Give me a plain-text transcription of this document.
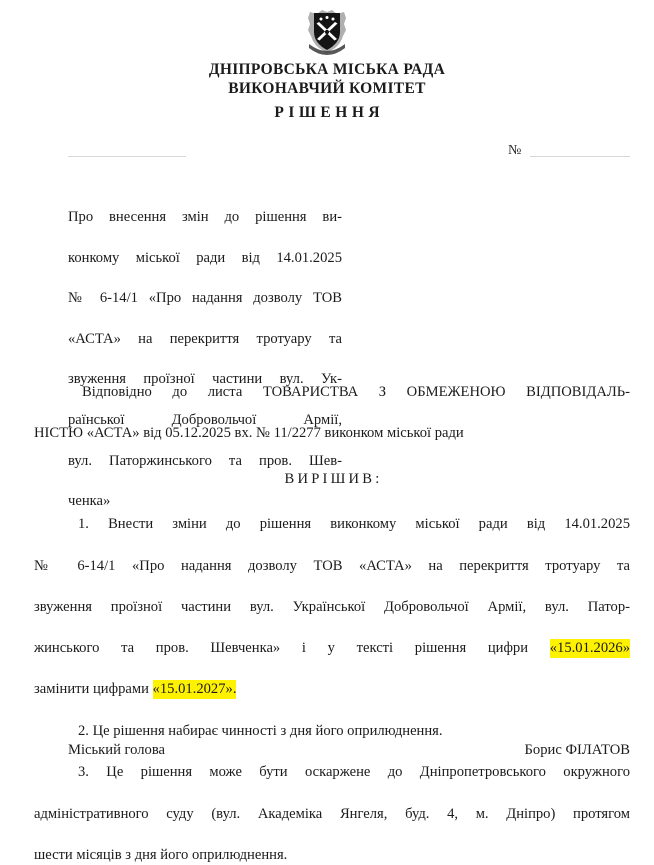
ДНІПРОВСЬКА МІСЬКА РАДА
ВИКОНАВЧИЙ КОМІТЕТ
РІШЕННЯ
№
Про внесення змін до рішення ви-
конкому міської ради від 14.01.2025
№ 6-14/1 «Про надання дозволу ТОВ
«АСТА» на перекриття тротуару та
звуження проїзної частини вул. Ук-
раїнської Добровольчої Армії,
вул. Паторжинського та пров. Шев-
ченка»

Відповідно до листа ТОВАРИСТВА З ОБМЕЖЕНОЮ ВІДПОВІДАЛЬ-
НІСТЮ «АСТА» від 05.12.2025 вх. № 11/2277 виконком міської ради

ВИРІШИВ:

1. Внести зміни до рішення виконкому міської ради від 14.01.2025
№ 6-14/1 «Про надання дозволу ТОВ «АСТА» на перекриття тротуару та
звуження проїзної частини вул. Української Добровольчої Армії, вул. Патор-
жинського та пров. Шевченка» і у тексті рішення цифри «15.01.2026»
замінити цифрами «15.01.2027».

2. Це рішення набирає чинності з дня його оприлюднення.

3. Це рішення може бути оскаржене до Дніпропетровського окружного
адміністративного суду (вул. Академіка Янгеля, буд. 4, м. Дніпро) протягом
шести місяців з дня його оприлюднення.

Міський голова	Борис ФІЛАТОВ
